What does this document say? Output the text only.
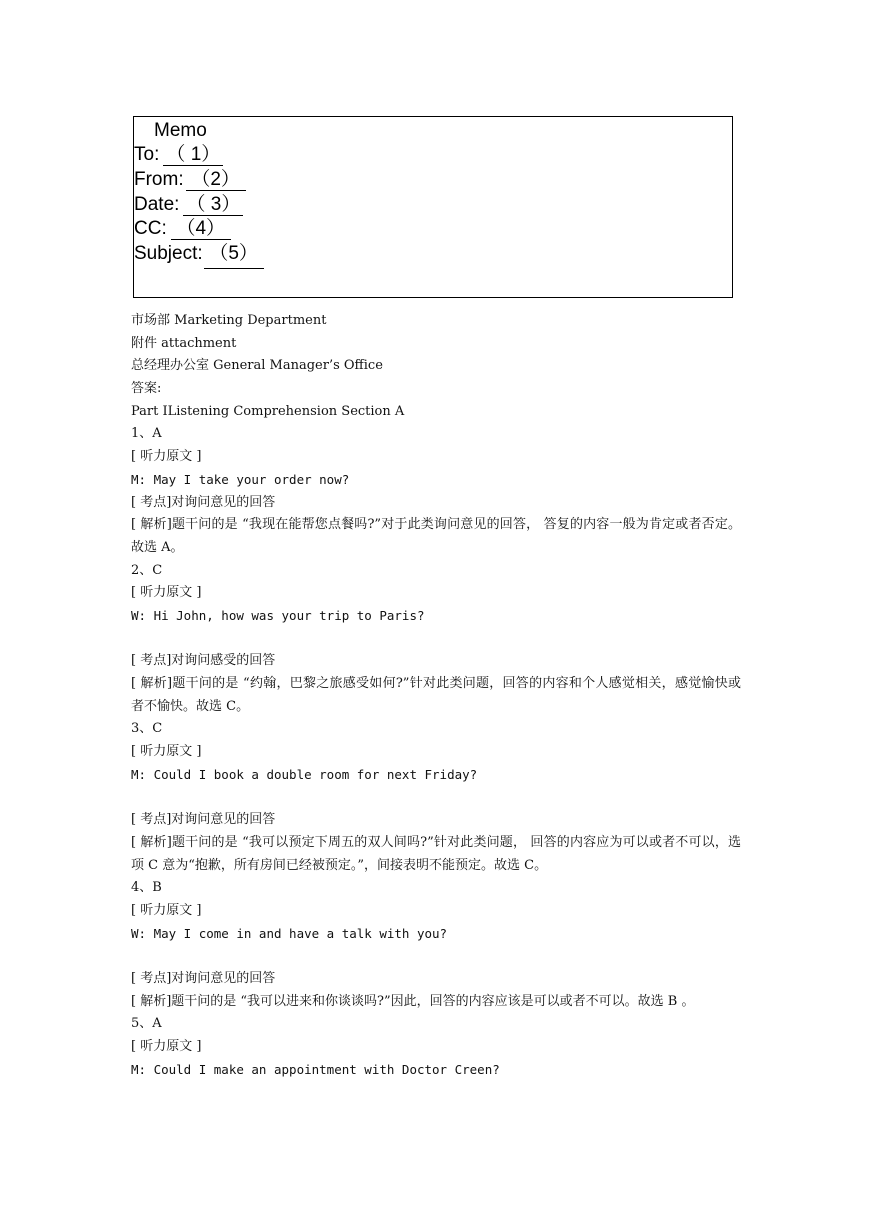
Memo
To: （ 1）
From: （2）
Date: （ 3）
CC: （4）
Subject: （5）
市场部 Marketing Department
附件 attachment
总经理办公室 General Manager’s Office
答案:
Part ⅠListening Comprehension Section A
1、A
[ 听力原文 ]
M: May I take your order now?
[ 考点]对询问意见的回答
[ 解析]题干问的是 “我现在能帮您点餐吗?”对于此类询问意见的回答， 答复的内容一般为肯定或者否定。故选 A。
2、C
[ 听力原文 ]
W: Hi John, how was your trip to Paris?
[ 考点]对询问感受的回答
[ 解析]题干问的是 “约翰，巴黎之旅感受如何?”针对此类问题，回答的内容和个人感觉相关，感觉愉快或者不愉快。故选 C。
3、C
[ 听力原文 ]
M: Could I book a double room for next Friday?
[ 考点]对询问意见的回答
[ 解析]题干问的是 “我可以预定下周五的双人间吗?”针对此类问题， 回答的内容应为可以或者不可以，选项 C 意为“抱歉，所有房间已经被预定。”，间接表明不能预定。故选 C。
4、B
[ 听力原文 ]
W: May I come in and have a talk with you?
[ 考点]对询问意见的回答
[ 解析]题干问的是 “我可以进来和你谈谈吗?”因此，回答的内容应该是可以或者不可以。故选 B 。
5、A
[ 听力原文 ]
M: Could I make an appointment with Doctor Creen?
